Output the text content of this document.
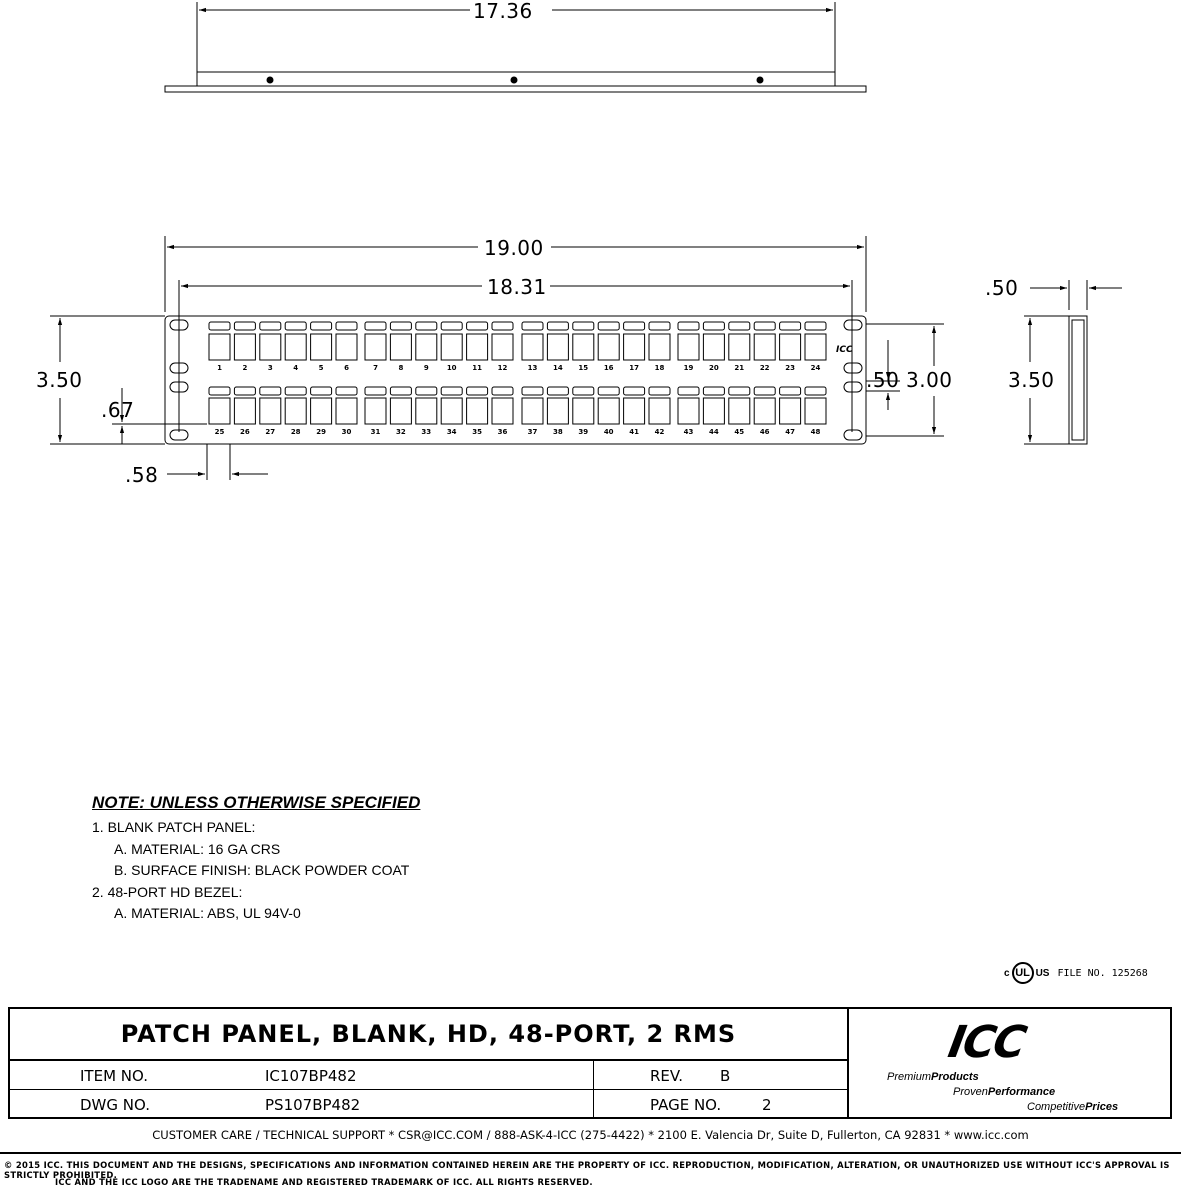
1	2	3	4	5	6	7	8	9	10 11 12	13 14 15 16 17 18	19 20 21 22 23 24
25 26 27 28 29 30	31 32 33 34 35 36	37 38 39 40 41 42	43 44 45 46 47 48
17.36
19.00
18.31
3.50
.67
.58
.50 3.00
.50
3.50
ICC
NOTE: UNLESS OTHERWISE SPECIFIED
1. BLANK PATCH PANEL:
A. MATERIAL: 16 GA CRS
B. SURFACE FINISH: BLACK POWDER COAT
2. 48-PORT HD BEZEL:
A. MATERIAL: ABS, UL 94V-0
c UL US FILE NO. 125268
PATCH PANEL, BLANK, HD, 48-PORT, 2 RMS
ITEM NO.	IC107BP482	REV. B
DWG NO.	PS107BP482	PAGE NO.	2
ICC
PremiumProducts
ProvenPerformance
CompetitivePrices
CUSTOMER CARE / TECHNICAL SUPPORT * CSR@ICC.COM / 888-ASK-4-ICC (275-4422) * 2100 E. Valencia Dr, Suite D, Fullerton, CA 92831 * www.icc.com
© 2015 ICC. THIS DOCUMENT AND THE DESIGNS, SPECIFICATIONS AND INFORMATION CONTAINED HEREIN ARE THE PROPERTY OF ICC. REPRODUCTION, MODIFICATION, ALTERATION, OR UNAUTHORIZED USE WITHOUT ICC'S APPROVAL IS STRICTLY PROHIBITED.
ICC AND THE ICC LOGO ARE THE TRADENAME AND REGISTERED TRADEMARK OF ICC. ALL RIGHTS RESERVED.
